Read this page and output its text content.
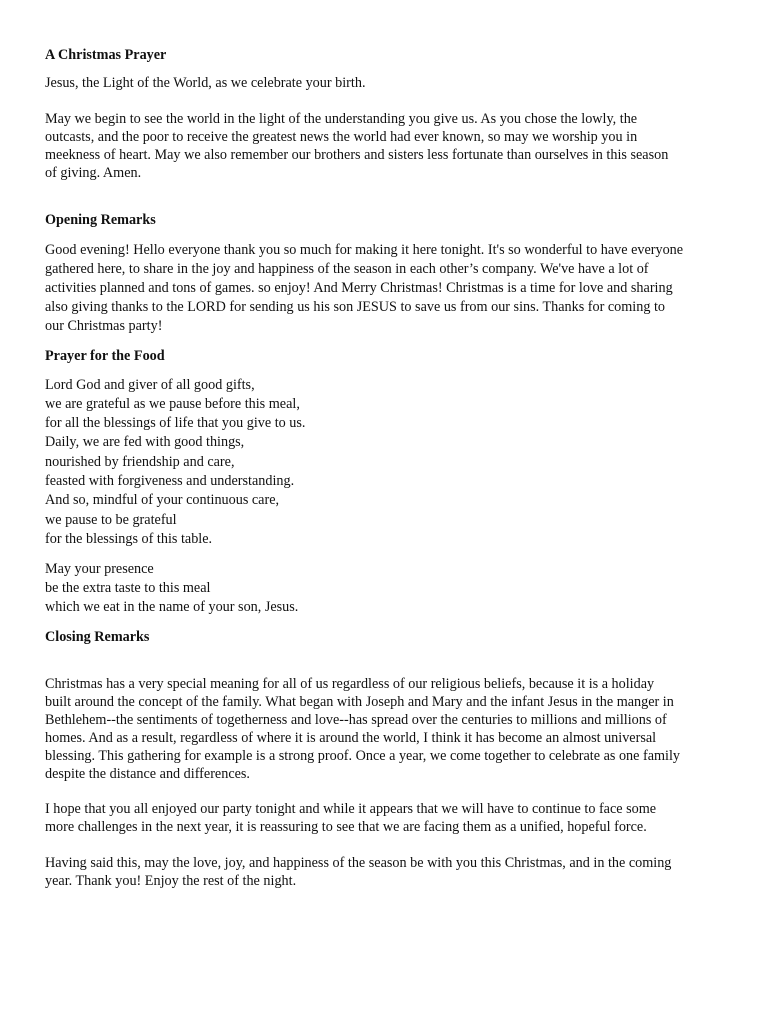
A Christmas Prayer
Jesus, the Light of the World, as we celebrate your birth.
May we begin to see the world in the light of the understanding you give us. As you chose the lowly, the
outcasts, and the poor to receive the greatest news the world had ever known, so may we worship you in
meekness of heart. May we also remember our brothers and sisters less fortunate than ourselves in this season
of giving. Amen.
Opening Remarks
Good evening! Hello everyone thank you so much for making it here tonight. It's so wonderful to have everyone
gathered here, to share in the joy and happiness of the season in each other’s company. We've have a lot of
activities planned and tons of games. so enjoy! And Merry Christmas! Christmas is a time for love and sharing
also giving thanks to the LORD for sending us his son JESUS to save us from our sins. Thanks for coming to
our Christmas party!
Prayer for the Food
Lord God and giver of all good gifts,
we are grateful as we pause before this meal,
for all the blessings of life that you give to us.
Daily, we are fed with good things,
nourished by friendship and care,
feasted with forgiveness and understanding.
And so, mindful of your continuous care,
we pause to be grateful
for the blessings of this table.
May your presence
be the extra taste to this meal
which we eat in the name of your son, Jesus.
Closing Remarks
Christmas has a very special meaning for all of us regardless of our religious beliefs, because it is a holiday
built around the concept of the family. What began with Joseph and Mary and the infant Jesus in the manger in
Bethlehem--the sentiments of togetherness and love--has spread over the centuries to millions and millions of
homes. And as a result, regardless of where it is around the world, I think it has become an almost universal
blessing. This gathering for example is a strong proof. Once a year, we come together to celebrate as one family
despite the distance and differences.
I hope that you all enjoyed our party tonight and while it appears that we will have to continue to face some
more challenges in the next year, it is reassuring to see that we are facing them as a unified, hopeful force.
Having said this, may the love, joy, and happiness of the season be with you this Christmas, and in the coming
year. Thank you! Enjoy the rest of the night.
